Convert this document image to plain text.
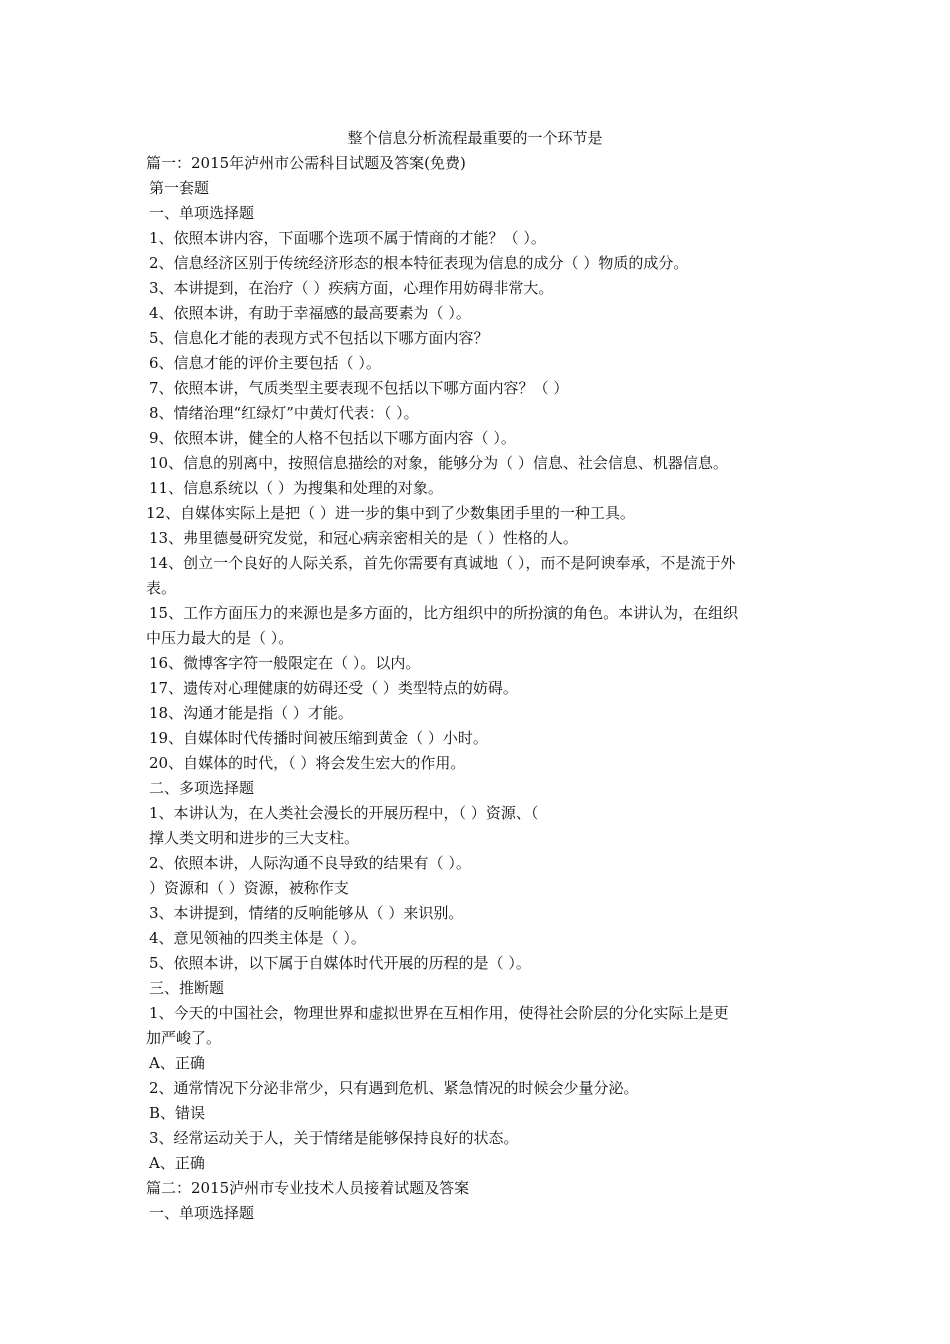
整个信息分析流程最重要的一个环节是
篇一：2015年泸州市公需科目试题及答案(免费)
第一套题
一、单项选择题
1、依照本讲内容，下面哪个选项不属于情商的才能？（ ）。
2、信息经济区别于传统经济形态的根本特征表现为信息的成分（ ）物质的成分。
3、本讲提到，在治疗（ ）疾病方面，心理作用妨碍非常大。
4、依照本讲，有助于幸福感的最高要素为（ ）。
5、信息化才能的表现方式不包括以下哪方面内容？
6、信息才能的评价主要包括（ ）。
7、依照本讲，气质类型主要表现不包括以下哪方面内容？（ ）
8、情绪治理“红绿灯”中黄灯代表：（ ）。
9、依照本讲，健全的人格不包括以下哪方面内容（ ）。
10、信息的别离中，按照信息描绘的对象，能够分为（ ）信息、社会信息、机器信息。
11、信息系统以（ ）为搜集和处理的对象。
12、自媒体实际上是把（ ）进一步的集中到了少数集团手里的一种工具。
13、弗里德曼研究发觉，和冠心病亲密相关的是（ ）性格的人。
14、创立一个良好的人际关系，首先你需要有真诚地（ ），而不是阿谀奉承，不是流于外
表。
15、工作方面压力的来源也是多方面的，比方组织中的所扮演的角色。本讲认为，在组织
中压力最大的是（ ）。
16、微博客字符一般限定在（ ）。以内。
17、遗传对心理健康的妨碍还受（ ）类型特点的妨碍。
18、沟通才能是指（ ）才能。
19、自媒体时代传播时间被压缩到黄金（ ）小时。
20、自媒体的时代，（ ）将会发生宏大的作用。
二、多项选择题
1、本讲认为，在人类社会漫长的开展历程中，（ ）资源、（
撑人类文明和进步的三大支柱。
2、依照本讲，人际沟通不良导致的结果有（ ）。
）资源和（ ）资源，被称作支
3、本讲提到，情绪的反响能够从（ ）来识别。
4、意见领袖的四类主体是（ ）。
5、依照本讲，以下属于自媒体时代开展的历程的是（ ）。
三、推断题
1、今天的中国社会，物理世界和虚拟世界在互相作用，使得社会阶层的分化实际上是更
加严峻了。
A、正确
2、通常情况下分泌非常少，只有遇到危机、紧急情况的时候会少量分泌。
B、错误
3、经常运动关于人，关于情绪是能够保持良好的状态。
A、正确
篇二：2015泸州市专业技术人员接着试题及答案
一、单项选择题
